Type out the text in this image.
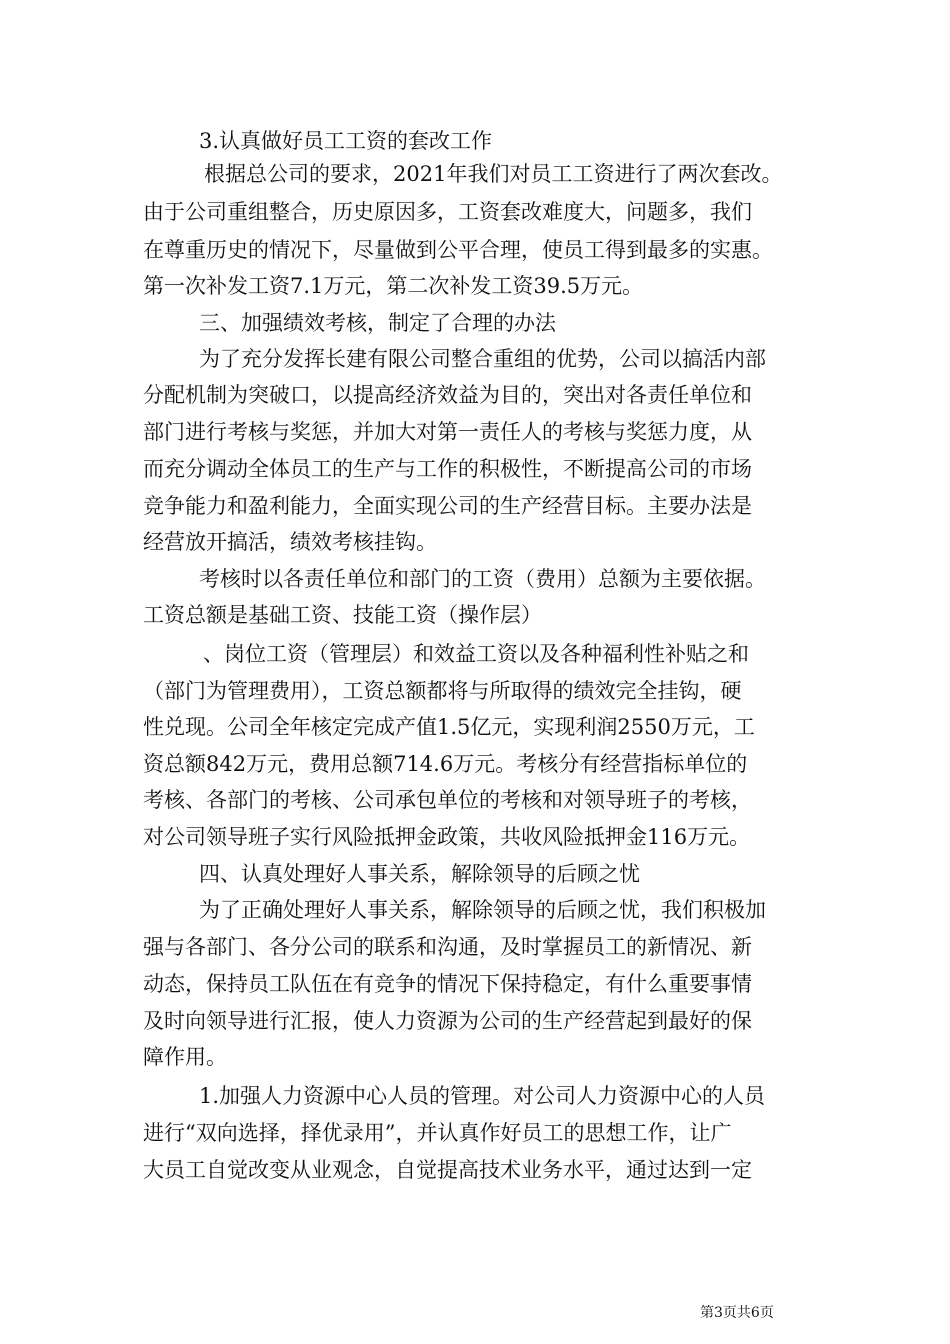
3.认真做好员工工资的套改工作
根据总公司的要求，2021年我们对员工工资进行了两次套改。
由于公司重组整合，历史原因多，工资套改难度大，问题多，我们
在尊重历史的情况下，尽量做到公平合理，使员工得到最多的实惠。
第一次补发工资7.1万元，第二次补发工资39.5万元。
三、加强绩效考核，制定了合理的办法
为了充分发挥长建有限公司整合重组的优势，公司以搞活内部
分配机制为突破口，以提高经济效益为目的，突出对各责任单位和
部门进行考核与奖惩，并加大对第一责任人的考核与奖惩力度，从
而充分调动全体员工的生产与工作的积极性，不断提高公司的市场
竞争能力和盈利能力，全面实现公司的生产经营目标。主要办法是
经营放开搞活，绩效考核挂钩。
考核时以各责任单位和部门的工资（费用）总额为主要依据。
工资总额是基础工资、技能工资（操作层）
、岗位工资（管理层）和效益工资以及各种福利性补贴之和
（部门为管理费用），工资总额都将与所取得的绩效完全挂钩，硬
性兑现。公司全年核定完成产值1.5亿元，实现利润2550万元，工
资总额842万元，费用总额714.6万元。考核分有经营指标单位的
考核、各部门的考核、公司承包单位的考核和对领导班子的考核，
对公司领导班子实行风险抵押金政策，共收风险抵押金116万元。
四、认真处理好人事关系，解除领导的后顾之忧
为了正确处理好人事关系，解除领导的后顾之忧，我们积极加
强与各部门、各分公司的联系和沟通，及时掌握员工的新情况、新
动态，保持员工队伍在有竞争的情况下保持稳定，有什么重要事情
及时向领导进行汇报，使人力资源为公司的生产经营起到最好的保
障作用。
1.加强人力资源中心人员的管理。对公司人力资源中心的人员
进行“双向选择，择优录用”，并认真作好员工的思想工作，让广
大员工自觉改变从业观念，自觉提高技术业务水平，通过达到一定
第3页共6页
